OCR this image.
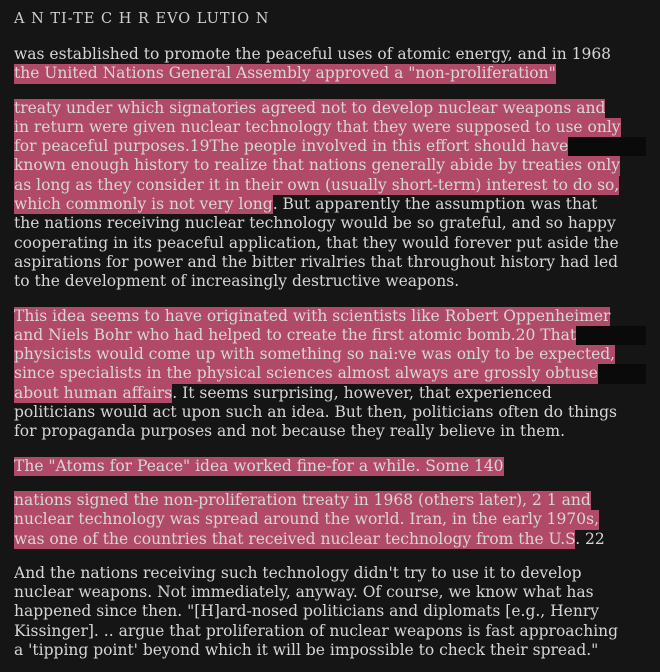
A N TI-TE C H R EVO LUTIO N
was established to promote the peaceful uses of atomic energy, and in 1968
the United Nations General Assembly approved a "non-proliferation"
treaty under which signatories agreed not to develop nuclear weapons and
in return were given nuclear technology that they were supposed to use only
for peaceful purposes.19The people involved in this effort should have
known enough history to realize that nations generally abide by treaties only
as long as they consider it in their own (usually short-term) interest to do so,
which commonly is not very long. But apparently the assumption was that
the nations receiving nuclear technology would be so grateful, and so happy
cooperating in its peaceful application, that they would forever put aside the
aspirations for power and the bitter rivalries that throughout history had led
to the development of increasingly destructive weapons.
This idea seems to have originated with scientists like Robert Oppenheimer
and Niels Bohr who had helped to create the first atomic bomb.20 That
physicists would come up with something so nai:ve was only to be expected,
since specialists in the physical sciences almost always are grossly obtuse
about human affairs. It seems surprising, however, that experienced
politicians would act upon such an idea. But then, politicians often do things
for propaganda purposes and not because they really believe in them.
The "Atoms for Peace" idea worked fine-for a while. Some 140
nations signed the non-proliferation treaty in 1968 (others later), 2 1 and
nuclear technology was spread around the world. Iran, in the early 1970s,
was one of the countries that received nuclear technology from the U.S. 22
And the nations receiving such technology didn't try to use it to develop
nuclear weapons. Not immediately, anyway. Of course, we know what has
happened since then. "[H]ard-nosed politicians and diplomats [e.g., Henry
Kissinger]. .. argue that proliferation of nuclear weapons is fast approaching
a 'tipping point' beyond which it will be impossible to check their spread."
